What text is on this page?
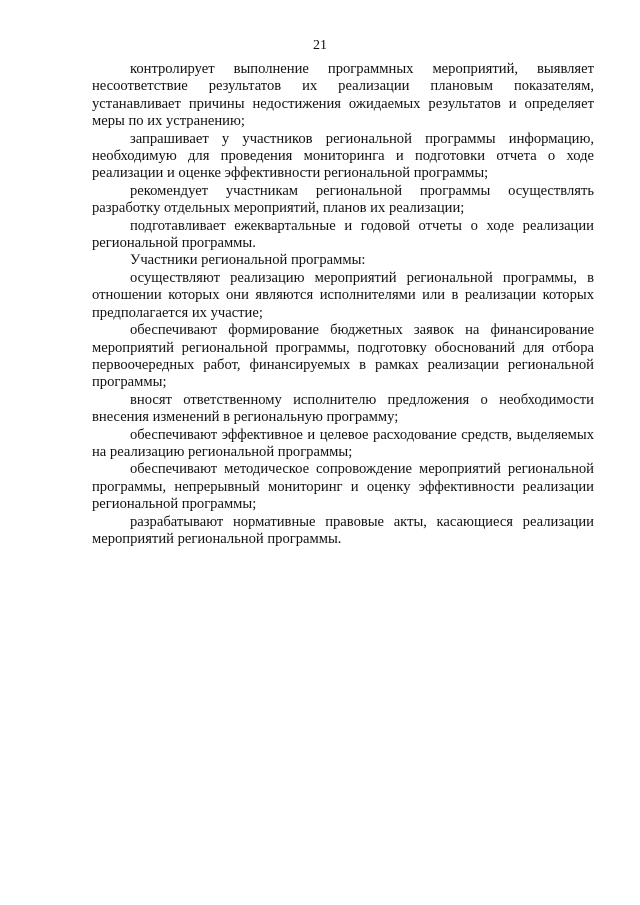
21

контролирует выполнение программных мероприятий, выявляет несоответствие результатов их реализации плановым показателям, устанавливает причины недостижения ожидаемых результатов и определяет меры по их устранению;

запрашивает у участников региональной программы информацию, необходимую для проведения мониторинга и подготовки отчета о ходе реализации и оценке эффективности региональной программы;

рекомендует участникам региональной программы осуществлять разработку отдельных мероприятий, планов их реализации;

подготавливает ежеквартальные и годовой отчеты о ходе реализации региональной программы.

Участники региональной программы:

осуществляют реализацию мероприятий региональной программы, в отношении которых они являются исполнителями или в реализации которых предполагается их участие;

обеспечивают формирование бюджетных заявок на финансирование мероприятий региональной программы, подготовку обоснований для отбора первоочередных работ, финансируемых в рамках реализации региональной программы;

вносят ответственному исполнителю предложения о необходимости внесения изменений в региональную программу;

обеспечивают эффективное и целевое расходование средств, выделяемых на реализацию региональной программы;

обеспечивают методическое сопровождение мероприятий региональной программы, непрерывный мониторинг и оценку эффективности реализации региональной программы;

разрабатывают нормативные правовые акты, касающиеся реализации мероприятий региональной программы.
